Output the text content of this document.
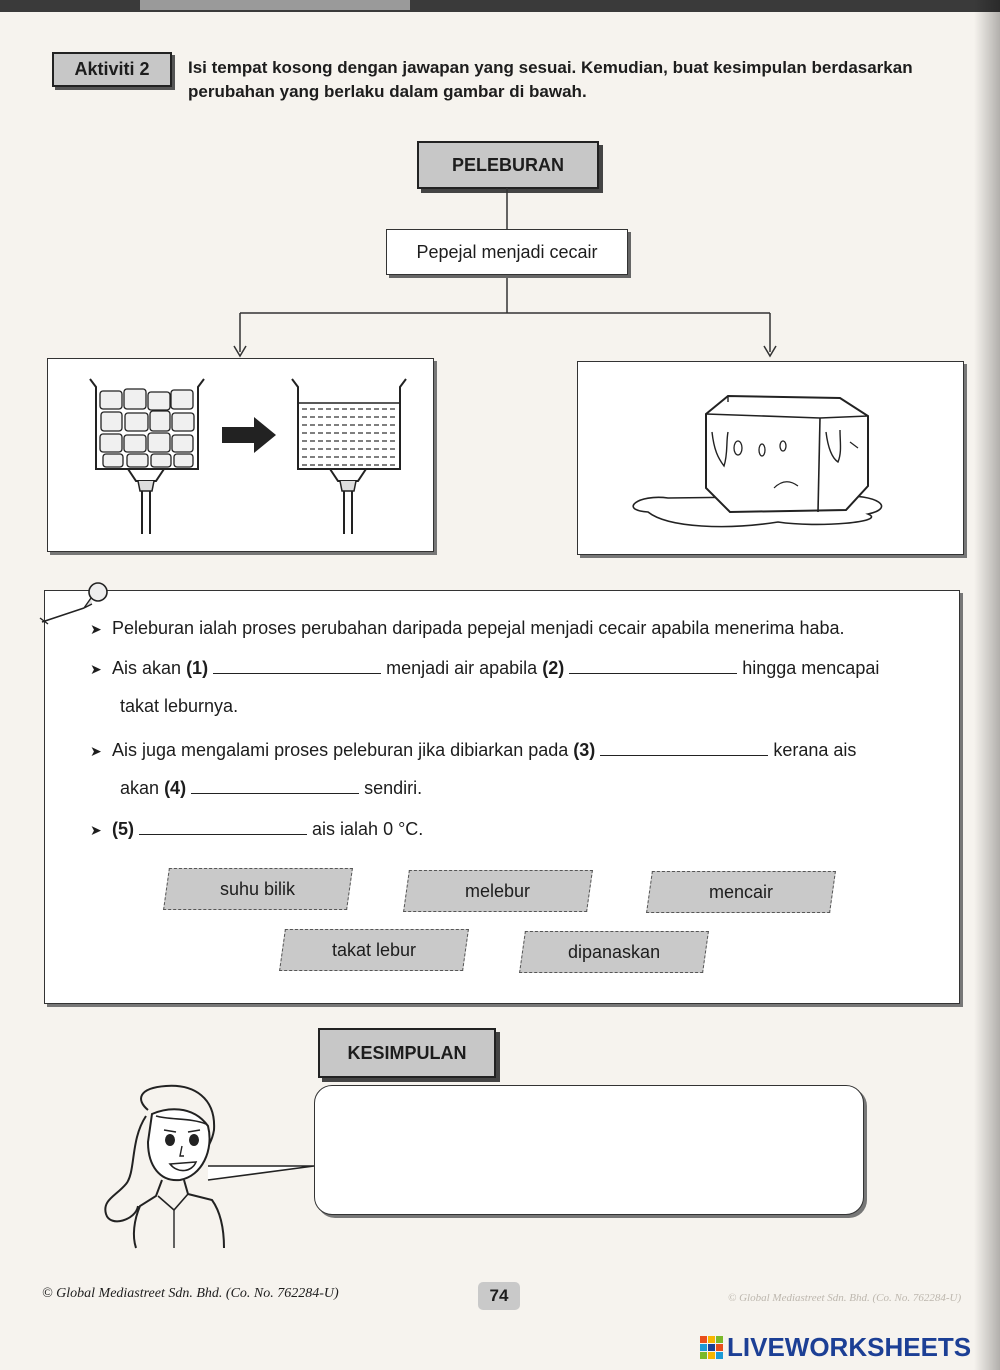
Aktiviti 2	Isi tempat kosong dengan jawapan yang sesuai. Kemudian, buat kesimpulan berdasarkan perubahan yang berlaku dalam gambar di bawah.
PELEBURAN
Pepejal menjadi cecair
➤ Peleburan ialah proses perubahan daripada pepejal menjadi cecair apabila menerima haba.
➤ Ais akan (1)	menjadi air apabila (2)	hingga mencapai
takat leburnya.
➤ Ais juga mengalami proses peleburan jika dibiarkan pada (3)	kerana ais
akan (4)	sendiri.
➤ (5)	ais ialah 0 °C.
suhu bilik	melebur	mencair
takat lebur	dipanaskan
KESIMPULAN
© Global Mediastreet Sdn. Bhd. (Co. No. 762284-U)	74	© Global Mediastreet Sdn. Bhd. (Co. No. 762284-U)
LIVEWORKSHEETS
